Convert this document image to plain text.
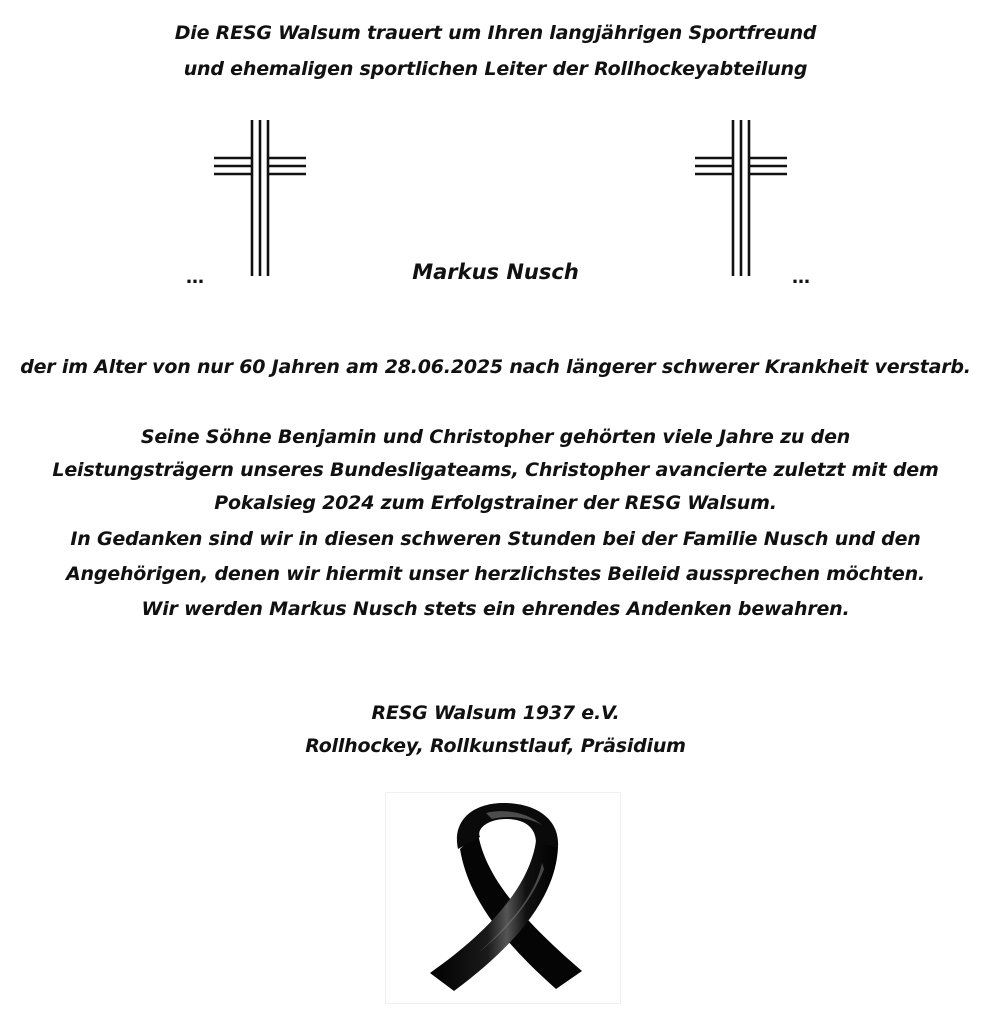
Die RESG Walsum trauert um Ihren langjährigen Sportfreund
und ehemaligen sportlichen Leiter der Rollhockeyabteilung
…	Markus Nusch	…
der im Alter von nur 60 Jahren am 28.06.2025 nach längerer schwerer Krankheit verstarb.
Seine Söhne Benjamin und Christopher gehörten viele Jahre zu den
Leistungsträgern unseres Bundesligateams, Christopher avancierte zuletzt mit dem
Pokalsieg 2024 zum Erfolgstrainer der RESG Walsum.
In Gedanken sind wir in diesen schweren Stunden bei der Familie Nusch und den
Angehörigen, denen wir hiermit unser herzlichstes Beileid aussprechen möchten.
Wir werden Markus Nusch stets ein ehrendes Andenken bewahren.
RESG Walsum 1937 e.V.
Rollhockey, Rollkunstlauf, Präsidium
